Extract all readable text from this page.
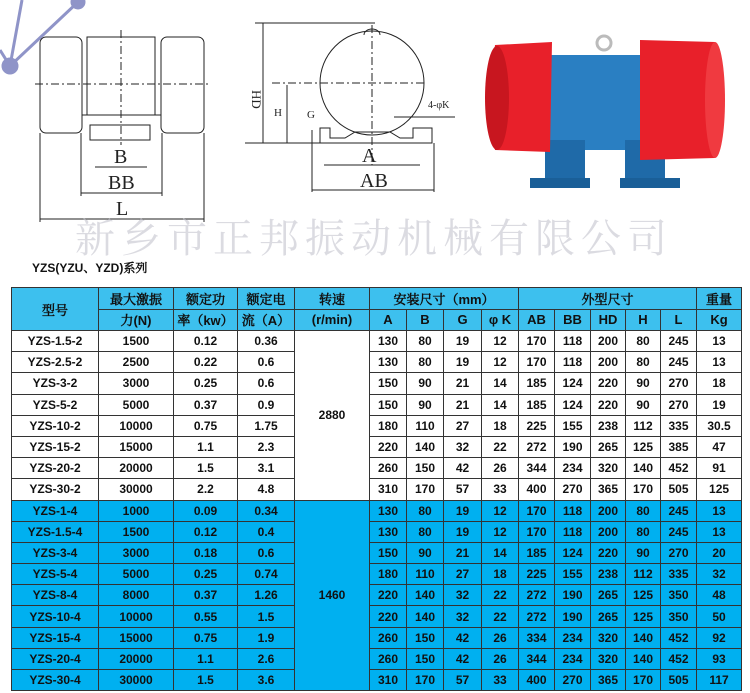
B
BB
L
A
AB
HD
H G
4-φK
新乡市正邦振动机械有限公司
YZS(YZU、YZD)系列
型号	最大激振	额定功	额定电	转速	安装尺寸（mm）				外型尺寸					重量
	力(N)	率（kw）	流（A）	(r/min)	A	B	G	φ K	AB	BB	HD	H	L	Kg
YZS-1.5-2	1500	0.12	0.36	2880	130	80	19	12	170	118	200	80	245	13
YZS-2.5-2	2500	0.22	0.6		130	80	19	12	170	118	200	80	245	13
YZS-3-2	3000	0.25	0.6		150	90	21	14	185	124	220	90	270	18
YZS-5-2	5000	0.37	0.9		150	90	21	14	185	124	220	90	270	19
YZS-10-2	10000	0.75	1.75		180	110	27	18	225	155	238	112	335	30.5
YZS-15-2	15000	1.1	2.3		220	140	32	22	272	190	265	125	385	47
YZS-20-2	20000	1.5	3.1		260	150	42	26	344	234	320	140	452	91
YZS-30-2	30000	2.2	4.8		310	170	57	33	400	270	365	170	505	125
YZS-1-4	1000	0.09	0.34	1460	130	80	19	12	170	118	200	80	245	13
YZS-1.5-4	1500	0.12	0.4		130	80	19	12	170	118	200	80	245	13
YZS-3-4	3000	0.18	0.6		150	90	21	14	185	124	220	90	270	20
YZS-5-4	5000	0.25	0.74		180	110	27	18	225	155	238	112	335	32
YZS-8-4	8000	0.37	1.26		220	140	32	22	272	190	265	125	350	48
YZS-10-4	10000	0.55	1.5		220	140	32	22	272	190	265	125	350	50
YZS-15-4	15000	0.75	1.9		260	150	42	26	334	234	320	140	452	92
YZS-20-4	20000	1.1	2.6		260	150	42	26	344	234	320	140	452	93
YZS-30-4	30000	1.5	3.6		310	170	57	33	400	270	365	170	505	117
